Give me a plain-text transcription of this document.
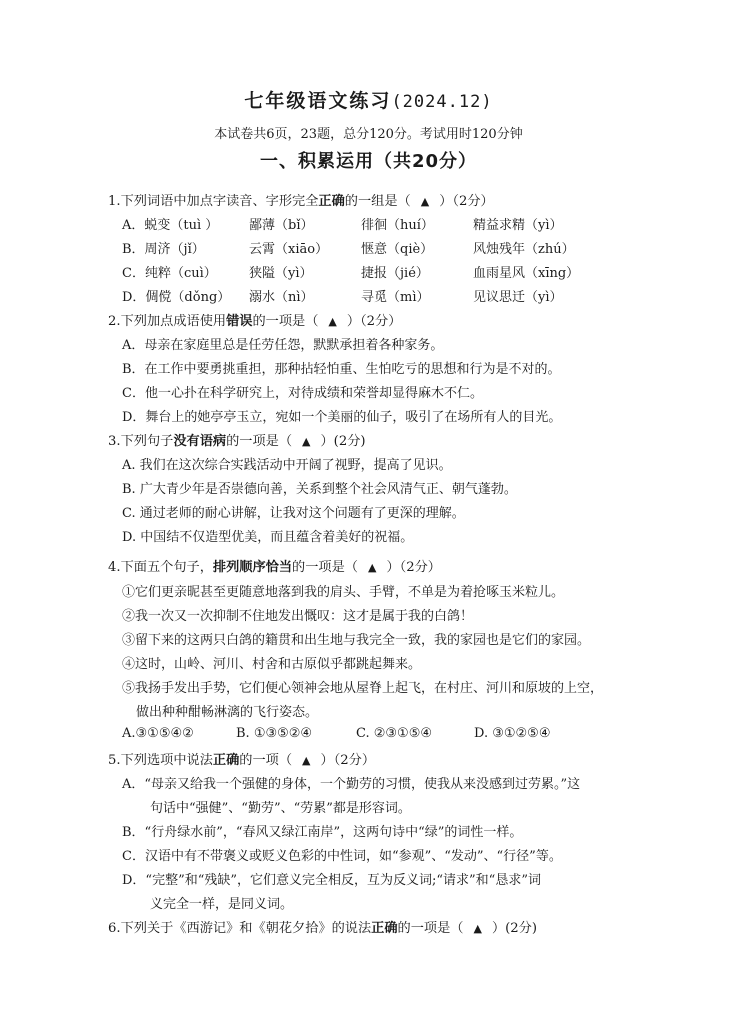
七年级语文练习(2024.12)
本试卷共6页，23题，总分120分。考试用时120分钟
一、积累运用（共20分）
1.下列词语中加点字读音、字形完全正确的一组是（ ▲ ）（2分）
A．蜕变（tuì ） 鄙薄（bǐ）	徘徊（huí）	精益求精（yì）
B．周济（jǐ）	云霄（xiāo）	惬意（qiè）	风烛残年（zhú）
C．纯粹（cuì） 狭隘（yì）	捷报（jié）	血雨星风（xīng）
D．倜傥（dǒng） 溺水（nì）	寻觅（mì）	见议思迁（yì）
2.下列加点成语使用错误的一项是（ ▲ ）（2分）
A．母亲在家庭里总是任劳任怨，默默承担着各种家务。
B．在工作中要勇挑重担，那种拈轻怕重、生怕吃亏的思想和行为是不对的。
C．他一心扑在科学研究上，对待成绩和荣誉却显得麻木不仁。
D．舞台上的她亭亭玉立，宛如一个美丽的仙子，吸引了在场所有人的目光。
3.下列句子没有语病的一项是（ ▲ ）(2分)
A. 我们在这次综合实践活动中开阔了视野，提高了见识。
B. 广大青少年是否崇德向善，关系到整个社会风清气正、朝气蓬勃。
C. 通过老师的耐心讲解，让我对这个问题有了更深的理解。
D. 中国结不仅造型优美，而且蕴含着美好的祝福。
4.下面五个句子，排列顺序恰当的一项是（ ▲ ）（2分）
①它们更亲昵甚至更随意地落到我的肩头、手臂，不单是为着抢啄玉米粒儿。
②我一次又一次抑制不住地发出慨叹：这才是属于我的白鸽！
③留下来的这两只白鸽的籍贯和出生地与我完全一致，我的家园也是它们的家园。
④这时，山岭、河川、村舍和古原似乎都跳起舞来。
⑤我扬手发出手势，它们便心领神会地从屋脊上起飞，在村庄、河川和原坡的上空，
做出种种酣畅淋漓的飞行姿态。
A.③①⑤④②	B. ①③⑤②④	C. ②③①⑤④	D. ③①②⑤④
5.下列选项中说法正确的一项（ ▲ ）（2分）
A．“母亲又给我一个强健的身体，一个勤劳的习惯，使我从来没感到过劳累。”这
句话中“强健”、“勤劳”、“劳累”都是形容词。
B．“行舟绿水前”，“春风又绿江南岸”，这两句诗中“绿”的词性一样。
C．汉语中有不带褒义或贬义色彩的中性词，如“参观”、“发动”、“行径”等。
D．“完整”和“残缺”，它们意义完全相反，互为反义词;“请求”和“恳求”词
义完全一样，是同义词。
6.下列关于《西游记》和《朝花夕拾》的说法正确的一项是（ ▲ ）(2分)
